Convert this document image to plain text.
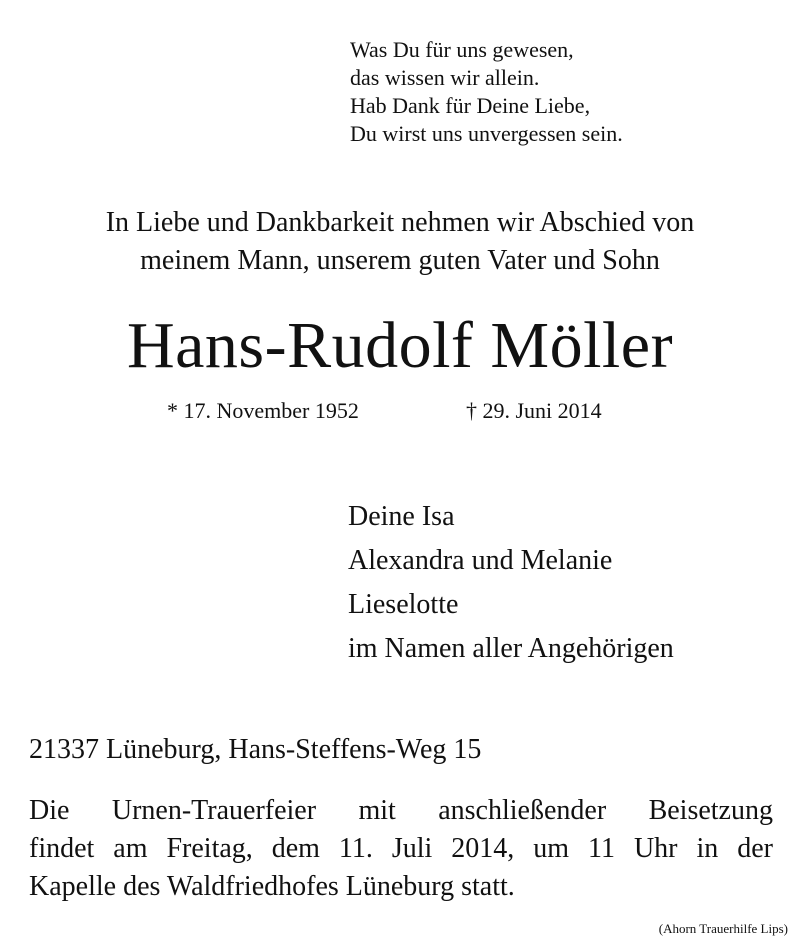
Was Du für uns gewesen,
das wissen wir allein.
Hab Dank für Deine Liebe,
Du wirst uns unvergessen sein.
In Liebe und Dankbarkeit nehmen wir Abschied von
meinem Mann, unserem guten Vater und Sohn
Hans-Rudolf Möller
* 17. November 1952	† 29. Juni 2014
Deine Isa
Alexandra und Melanie
Lieselotte
im Namen aller Angehörigen
21337 Lüneburg, Hans-Steffens-Weg 15
Die Urnen-Trauerfeier mit anschließender Beisetzung
findet am Freitag, dem 11. Juli 2014, um 11 Uhr in der
Kapelle des Waldfriedhofes Lüneburg statt.
(Ahorn Trauerhilfe Lips)
